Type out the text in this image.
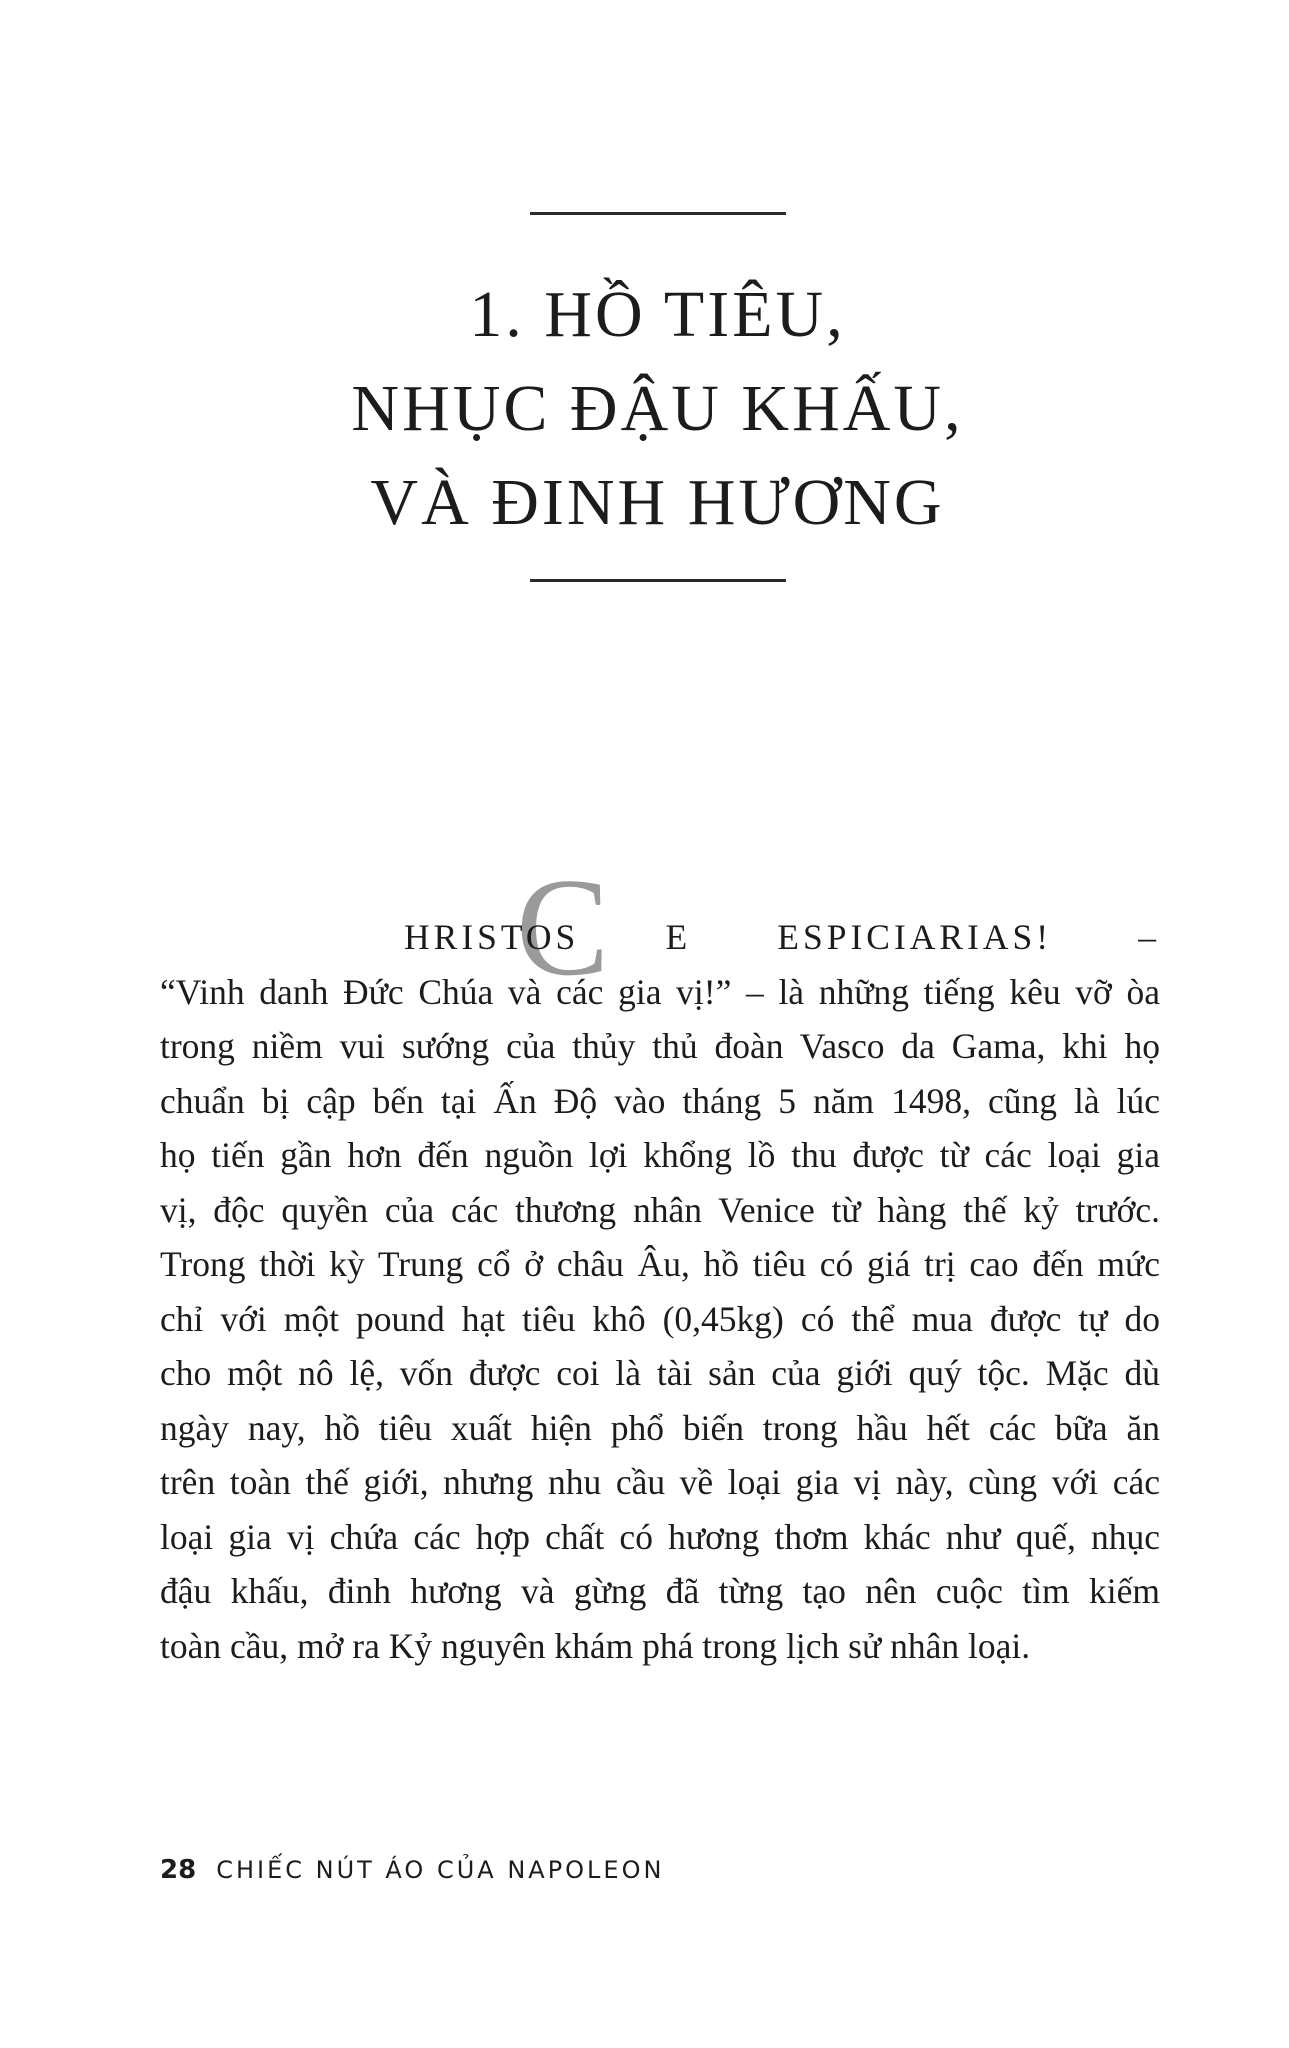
1. HỒ TIÊU,
NHỤC ĐẬU KHẤU,
VÀ ĐINH HƯƠNG
C
HRISTOS E ESPICIARIAS! –
“Vinh danh Đức Chúa và các gia vị!” – là những tiếng kêu vỡ òa
trong niềm vui sướng của thủy thủ đoàn Vasco da Gama, khi họ
chuẩn bị cập bến tại Ấn Độ vào tháng 5 năm 1498, cũng là lúc
họ tiến gần hơn đến nguồn lợi khổng lồ thu được từ các loại gia
vị, độc quyền của các thương nhân Venice từ hàng thế kỷ trước.
Trong thời kỳ Trung cổ ở châu Âu, hồ tiêu có giá trị cao đến mức
chỉ với một pound hạt tiêu khô (0,45kg) có thể mua được tự do
cho một nô lệ, vốn được coi là tài sản của giới quý tộc. Mặc dù
ngày nay, hồ tiêu xuất hiện phổ biến trong hầu hết các bữa ăn
trên toàn thế giới, nhưng nhu cầu về loại gia vị này, cùng với các
loại gia vị chứa các hợp chất có hương thơm khác như quế, nhục
đậu khấu, đinh hương và gừng đã từng tạo nên cuộc tìm kiếm
toàn cầu, mở ra Kỷ nguyên khám phá trong lịch sử nhân loại.
28 CHIẾC NÚT ÁO CỦA NAPOLEON
